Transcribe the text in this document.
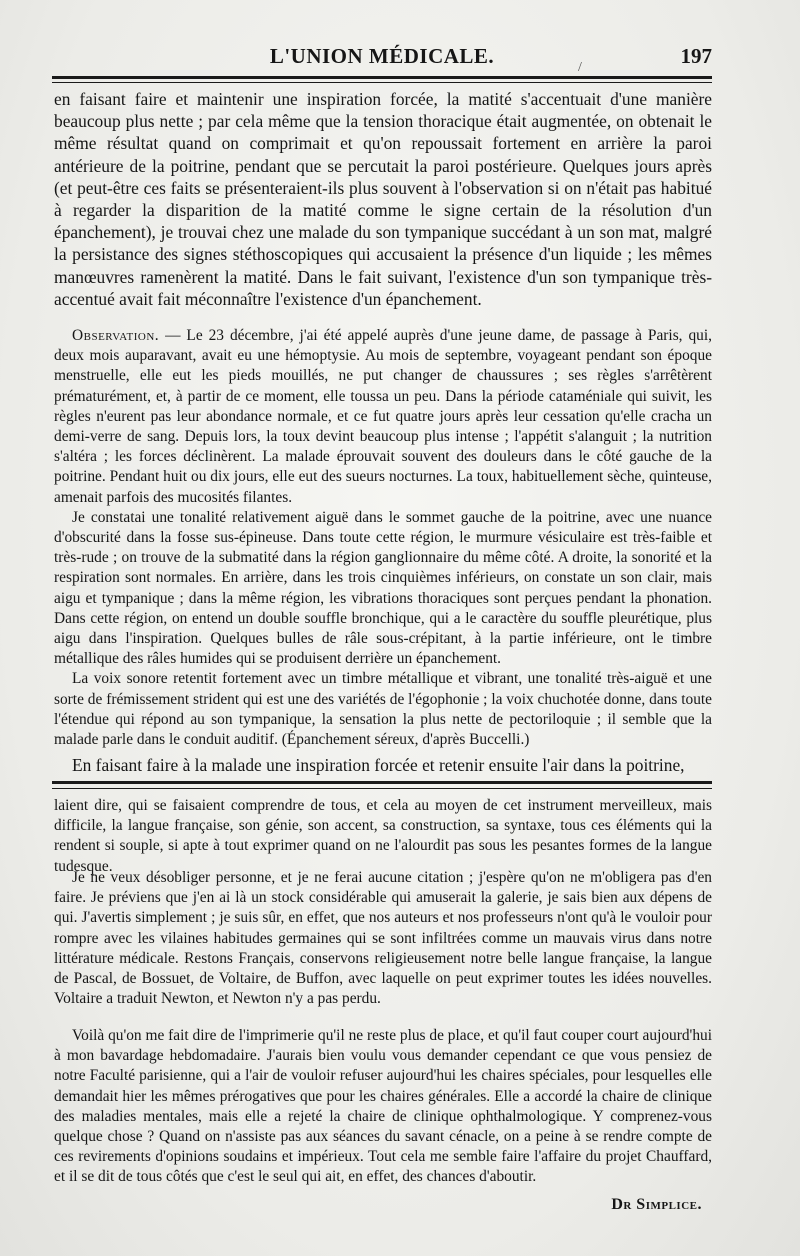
L'UNION MÉDICALE.	197
/

en faisant faire et maintenir une inspiration forcée, la matité s'accentuait d'une manière beaucoup plus nette ; par cela même que la tension thoracique était augmentée, on obtenait le même résultat quand on comprimait et qu'on repoussait fortement en arrière la paroi antérieure de la poitrine, pendant que se percutait la paroi postérieure. Quelques jours après (et peut-être ces faits se présenteraient-ils plus souvent à l'observation si on n'était pas habitué à regarder la disparition de la matité comme le signe certain de la résolution d'un épanchement), je trouvai chez une malade du son tympanique succédant à un son mat, malgré la persistance des signes stéthoscopiques qui accusaient la présence d'un liquide ; les mêmes manœuvres ramenèrent la matité. Dans le fait suivant, l'existence d'un son tympanique très-accentué avait fait méconnaître l'existence d'un épanchement.

Observation. — Le 23 décembre, j'ai été appelé auprès d'une jeune dame, de passage à Paris, qui, deux mois auparavant, avait eu une hémoptysie. Au mois de septembre, voyageant pendant son époque menstruelle, elle eut les pieds mouillés, ne put changer de chaussures ; ses règles s'arrêtèrent prématurément, et, à partir de ce moment, elle toussa un peu. Dans la période cataméniale qui suivit, les règles n'eurent pas leur abondance normale, et ce fut quatre jours après leur cessation qu'elle cracha un demi-verre de sang. Depuis lors, la toux devint beaucoup plus intense ; l'appétit s'alanguit ; la nutrition s'altéra ; les forces déclinèrent. La malade éprouvait souvent des douleurs dans le côté gauche de la poitrine. Pendant huit ou dix jours, elle eut des sueurs nocturnes. La toux, habituellement sèche, quinteuse, amenait parfois des mucosités filantes.

Je constatai une tonalité relativement aiguë dans le sommet gauche de la poitrine, avec une nuance d'obscurité dans la fosse sus-épineuse. Dans toute cette région, le murmure vésiculaire est très-faible et très-rude ; on trouve de la submatité dans la région ganglionnaire du même côté. A droite, la sonorité et la respiration sont normales. En arrière, dans les trois cinquièmes inférieurs, on constate un son clair, mais aigu et tympanique ; dans la même région, les vibrations thoraciques sont perçues pendant la phonation. Dans cette région, on entend un double souffle bronchique, qui a le caractère du souffle pleurétique, plus aigu dans l'inspiration. Quelques bulles de râle sous-crépitant, à la partie inférieure, ont le timbre métallique des râles humides qui se produisent derrière un épanchement.

La voix sonore retentit fortement avec un timbre métallique et vibrant, une tonalité très-aiguë et une sorte de frémissement strident qui est une des variétés de l'égophonie ; la voix chuchotée donne, dans toute l'étendue qui répond au son tympanique, la sensation la plus nette de pectoriloquie ; il semble que la malade parle dans le conduit auditif. (Épanchement séreux, d'après Buccelli.)

En faisant faire à la malade une inspiration forcée et retenir ensuite l'air dans la poitrine,

laient dire, qui se faisaient comprendre de tous, et cela au moyen de cet instrument merveilleux, mais difficile, la langue française, son génie, son accent, sa construction, sa syntaxe, tous ces éléments qui la rendent si souple, si apte à tout exprimer quand on ne l'alourdit pas sous les pesantes formes de la langue tudesque.

Je ne veux désobliger personne, et je ne ferai aucune citation ; j'espère qu'on ne m'obligera pas d'en faire. Je préviens que j'en ai là un stock considérable qui amuserait la galerie, je sais bien aux dépens de qui. J'avertis simplement ; je suis sûr, en effet, que nos auteurs et nos professeurs n'ont qu'à le vouloir pour rompre avec les vilaines habitudes germaines qui se sont infiltrées comme un mauvais virus dans notre littérature médicale. Restons Français, conservons religieusement notre belle langue française, la langue de Pascal, de Bossuet, de Voltaire, de Buffon, avec laquelle on peut exprimer toutes les idées nouvelles. Voltaire a traduit Newton, et Newton n'y a pas perdu.

Voilà qu'on me fait dire de l'imprimerie qu'il ne reste plus de place, et qu'il faut couper court aujourd'hui à mon bavardage hebdomadaire. J'aurais bien voulu vous demander cependant ce que vous pensiez de notre Faculté parisienne, qui a l'air de vouloir refuser aujourd'hui les chaires spéciales, pour lesquelles elle demandait hier les mêmes prérogatives que pour les chaires générales. Elle a accordé la chaire de clinique des maladies mentales, mais elle a rejeté la chaire de clinique ophthalmologique. Y comprenez-vous quelque chose ? Quand on n'assiste pas aux séances du savant cénacle, on a peine à se rendre compte de ces revirements d'opinions soudains et impérieux. Tout cela me semble faire l'affaire du projet Chauffard, et il se dit de tous côtés que c'est le seul qui ait, en effet, des chances d'aboutir.

Dr Simplice.
